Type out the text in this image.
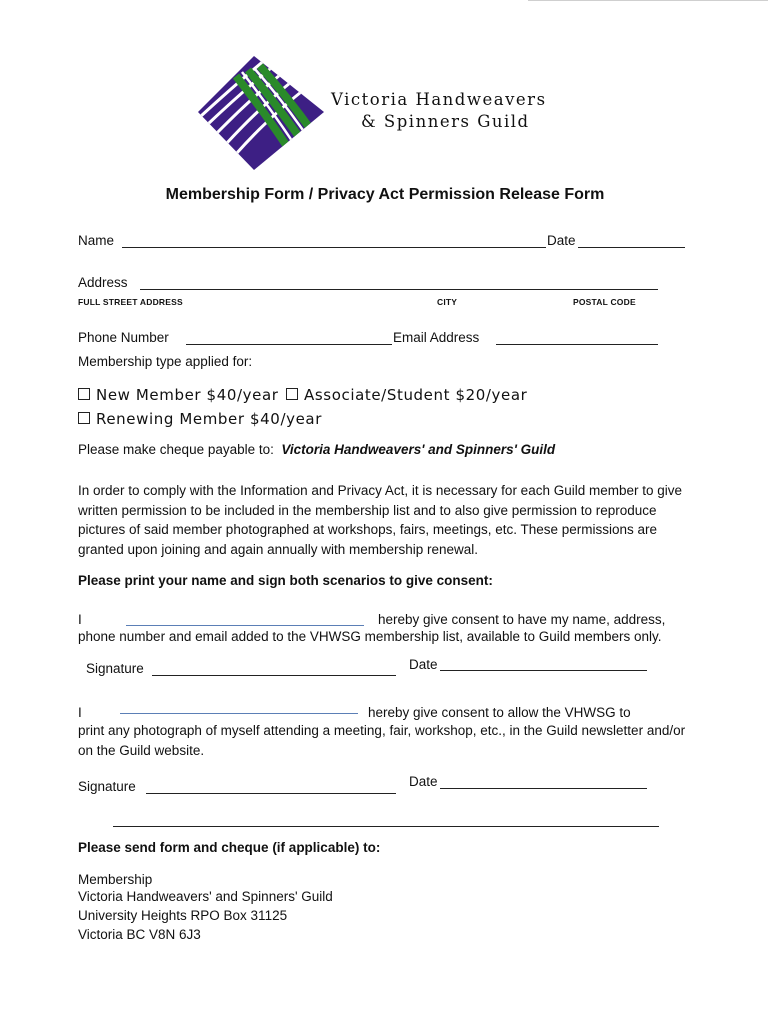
Victoria Handweavers
& Spinners Guild
Membership Form / Privacy Act Permission Release Form
Name	Date
Address
FULL STREET ADDRESS	CITY	POSTAL CODE
Phone Number	Email Address
Membership type applied for:
New Member $40/year	Associate/Student $20/year
Renewing Member $40/year
Please make cheque payable to: Victoria Handweavers' and Spinners' Guild
In order to comply with the Information and Privacy Act, it is necessary for each Guild member to give
written permission to be included in the membership list and to also give permission to reproduce
pictures of said member photographed at workshops, fairs, meetings, etc. These permissions are
granted upon joining and again annually with membership renewal.
Please print your name and sign both scenarios to give consent:
I	hereby give consent to have my name, address,
phone number and email added to the VHWSG membership list, available to Guild members only.
Signature	Date
I	hereby give consent to allow the VHWSG to
print any photograph of myself attending a meeting, fair, workshop, etc., in the Guild newsletter and/or
on the Guild website.
Signature	Date
Please send form and cheque (if applicable) to:
Membership
Victoria Handweavers' and Spinners' Guild
University Heights RPO Box 31125
Victoria BC V8N 6J3
